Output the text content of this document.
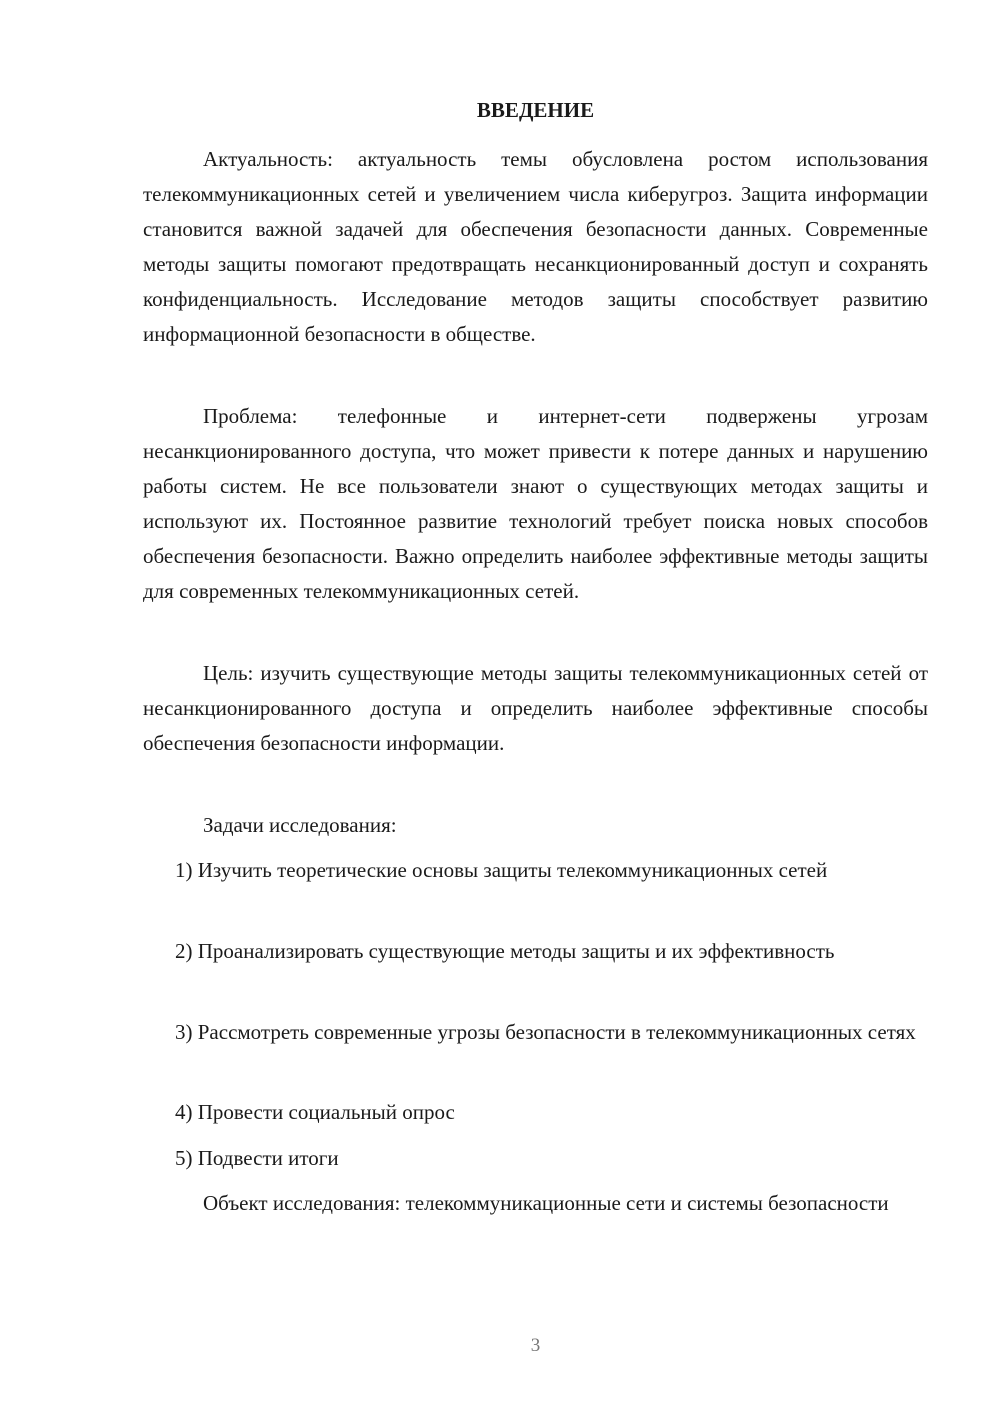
ВВЕДЕНИЕ

Актуальность: актуальность темы обусловлена ростом использования телекоммуникационных сетей и увеличением числа киберугроз. Защита информации становится важной задачей для обеспечения безопасности данных. Современные методы защиты помогают предотвращать несанкционированный доступ и сохранять конфиденциальность. Исследование методов защиты способствует развитию информационной безопасности в обществе.

Проблема: телефонные и интернет-сети подвержены угрозам несанкционированного доступа, что может привести к потере данных и нарушению работы систем. Не все пользователи знают о существующих методах защиты и используют их. Постоянное развитие технологий требует поиска новых способов обеспечения безопасности. Важно определить наиболее эффективные методы защиты для современных телекоммуникационных сетей.

Цель: изучить существующие методы защиты телекоммуникационных сетей от несанкционированного доступа и определить наиболее эффективные способы обеспечения безопасности информации.

Задачи исследования:

1) Изучить теоретические основы защиты телекоммуникационных сетей

2) Проанализировать существующие методы защиты и их эффективность

3) Рассмотреть современные угрозы безопасности в телекоммуникационных сетях

4) Провести социальный опрос

5) Подвести итоги

Объект исследования: телекоммуникационные сети и системы безопасности

3
